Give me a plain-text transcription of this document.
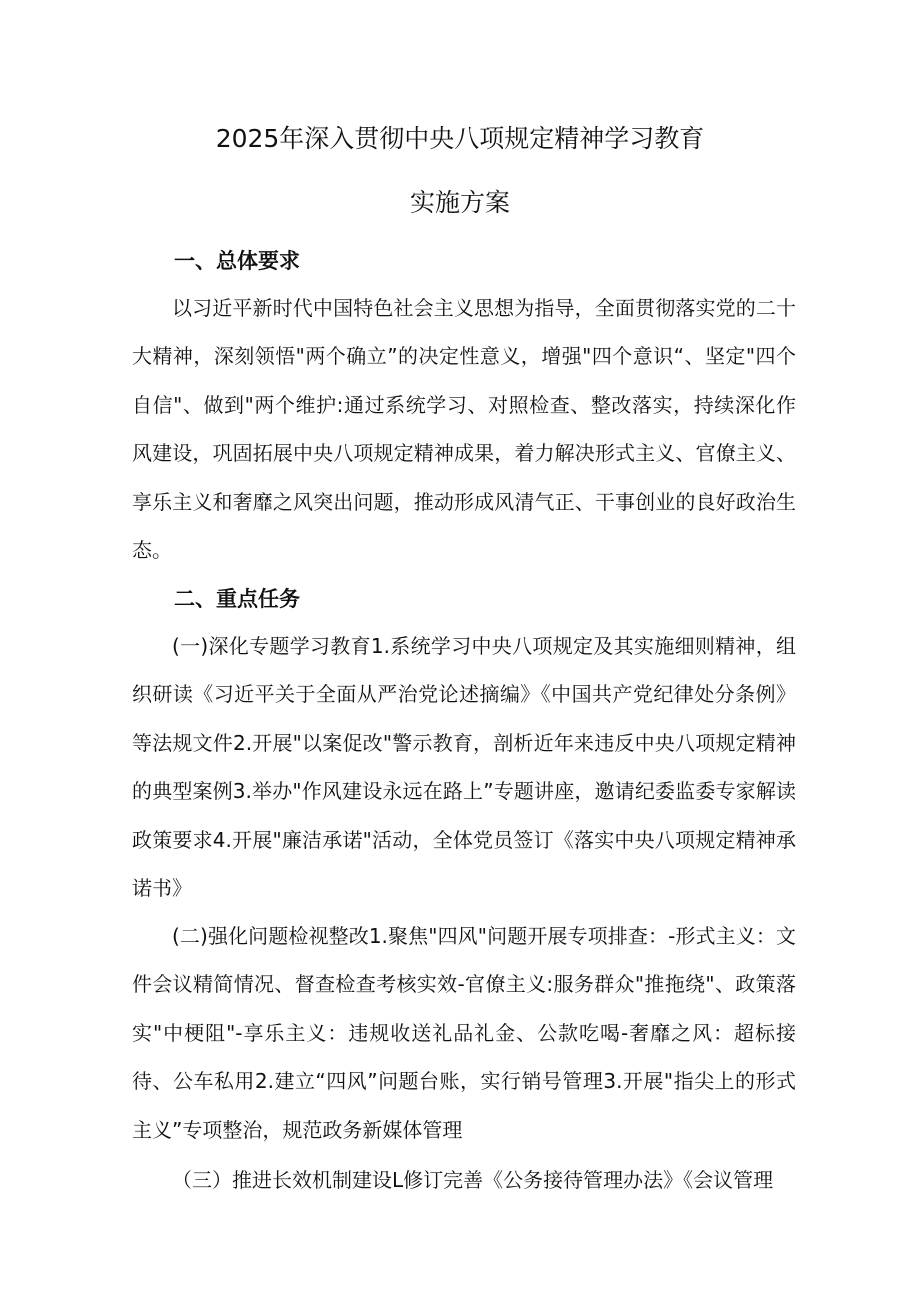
2025年深入贯彻中央八项规定精神学习教育
实施方案
一、总体要求

以习近平新时代中国特色社会主义思想为指导，全面贯彻落实党的二十大精神，深刻领悟"两个确立”的决定性意义，增强"四个意识“、坚定"四个自信"、做到"两个维护:通过系统学习、对照检查、整改落实，持续深化作风建设，巩固拓展中央八项规定精神成果，着力解决形式主义、官僚主义、享乐主义和奢靡之风突出问题，推动形成风清气正、干事创业的良好政治生态。

二、重点任务

(一)深化专题学习教育1.系统学习中央八项规定及其实施细则精神，组织研读《习近平关于全面从严治党论述摘编》《中国共产党纪律处分条例》等法规文件2.开展"以案促改"警示教育，剖析近年来违反中央八项规定精神的典型案例3.举办"作风建设永远在路上”专题讲座，邀请纪委监委专家解读政策要求4.开展"廉洁承诺"活动，全体党员签订《落实中央八项规定精神承诺书》

(二)强化问题检视整改1.聚焦"四风"问题开展专项排查：-形式主义：文件会议精简情况、督查检查考核实效-官僚主义:服务群众"推拖绕"、政策落实"中梗阻"-享乐主义：违规收送礼品礼金、公款吃喝-奢靡之风：超标接待、公车私用2.建立“四风”问题台账，实行销号管理3.开展"指尖上的形式主义”专项整治，规范政务新媒体管理

（三）推进长效机制建设L修订完善《公务接待管理办法》《会议管理
